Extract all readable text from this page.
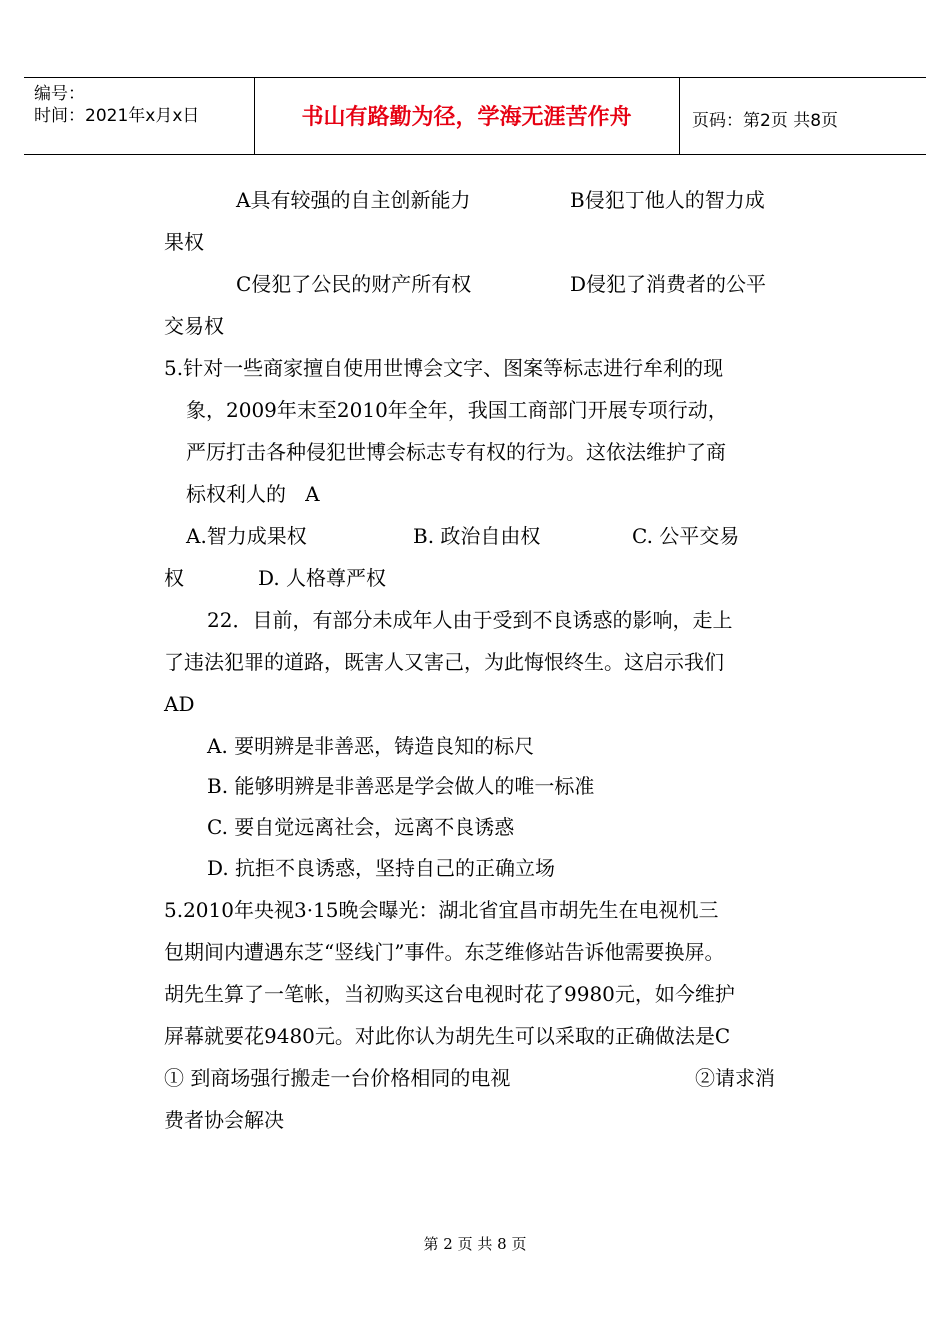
编号：
时间：2021年x月x日	书山有路勤为径，学海无涯苦作舟	页码：第2页 共8页
A具有较强的自主创新能力	B侵犯丁他人的智力成
果权
C侵犯了公民的财产所有权	D侵犯了消费者的公平
交易权
5.针对一些商家擅自使用世博会文字、图案等标志进行牟利的现
象，2009年末至2010年全年，我国工商部门开展专项行动，
严厉打击各种侵犯世博会标志专有权的行为。这依法维护了商
标权利人的   A
A.智力成果权	B. 政治自由权	C. 公平交易
权	D. 人格尊严权
22．目前，有部分未成年人由于受到不良诱惑的影响，走上
了违法犯罪的道路，既害人又害己，为此悔恨终生。这启示我们
AD
A. 要明辨是非善恶，铸造良知的标尺
B. 能够明辨是非善恶是学会做人的唯一标准
C. 要自觉远离社会，远离不良诱惑
D. 抗拒不良诱惑，坚持自己的正确立场
5.2010年央视3·15晚会曝光：湖北省宜昌市胡先生在电视机三
包期间内遭遇东芝“竖线门”事件。东芝维修站告诉他需要换屏。
胡先生算了一笔帐，当初购买这台电视时花了9980元，如今维护
屏幕就要花9480元。对此你认为胡先生可以采取的正确做法是C
① 到商场强行搬走一台价格相同的电视	②请求消
费者协会解决
第 2 页 共 8 页
